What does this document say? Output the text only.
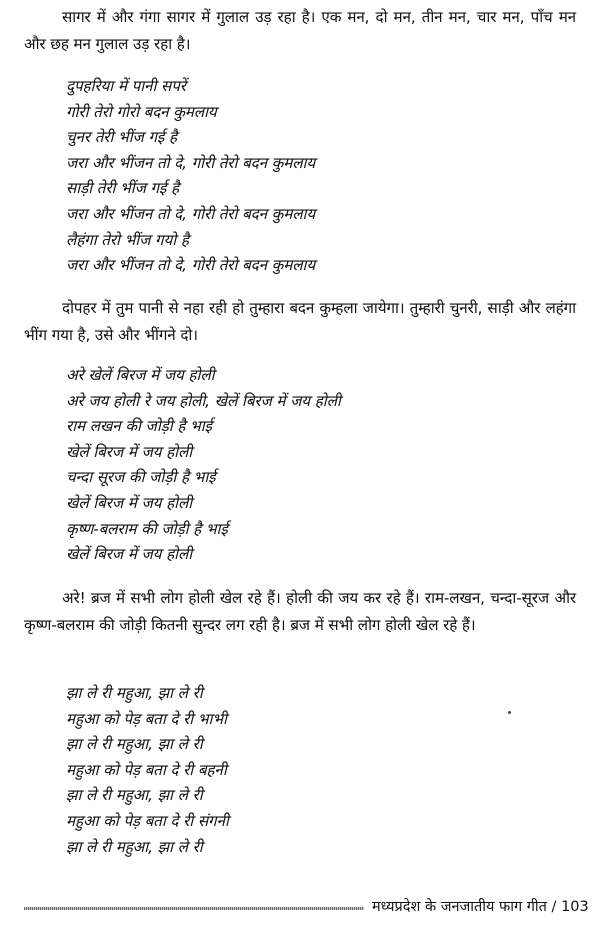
सागर में और गंगा सागर में गुलाल उड़ रहा है। एक मन, दो मन, तीन मन, चार मन, पाँच मन और छह मन गुलाल उड़ रहा है।

दुपहरिया में पानी सपरें
गोरी तेरो गोरो बदन कुमलाय
चुनर तेरी भींज गई है
जरा और भींजन तो दे, गोरी तेरो बदन कुमलाय
साड़ी तेरी भींज गई है
जरा और भींजन तो दे, गोरी तेरो बदन कुमलाय
लैहंगा तेरो भींज गयो है
जरा और भींजन तो दे, गोरी तेरो बदन कुमलाय

दोपहर में तुम पानी से नहा रही हो तुम्हारा बदन कुम्हला जायेगा। तुम्हारी चुनरी, साड़ी और लहंगा भींग गया है, उसे और भींगने दो।

अरे खेलें बिरज में जय होली
अरे जय होली रे जय होली, खेलें बिरज में जय होली
राम लखन की जोड़ी है भाई
खेलें बिरज में जय होली
चन्दा सूरज की जोड़ी है भाई
खेलें बिरज में जय होली
कृष्ण-बलराम की जोड़ी है भाई
खेलें बिरज में जय होली

अरे! ब्रज में सभी लोग होली खेल रहे हैं। होली की जय कर रहे हैं। राम-लखन, चन्दा-सूरज और कृष्ण-बलराम की जोड़ी कितनी सुन्दर लग रही है। ब्रज में सभी लोग होली खेल रहे हैं।

झा ले री महुआ, झा ले री
महुआ को पेड़ बता दे री भाभी
झा ले री महुआ, झा ले री
महुआ को पेड़ बता दे री बहनी
झा ले री महुआ, झा ले री
महुआ को पेड़ बता दे री संगनी
झा ले री महुआ, झा ले री
मध्यप्रदेश के जनजातीय फाग गीत / 103
